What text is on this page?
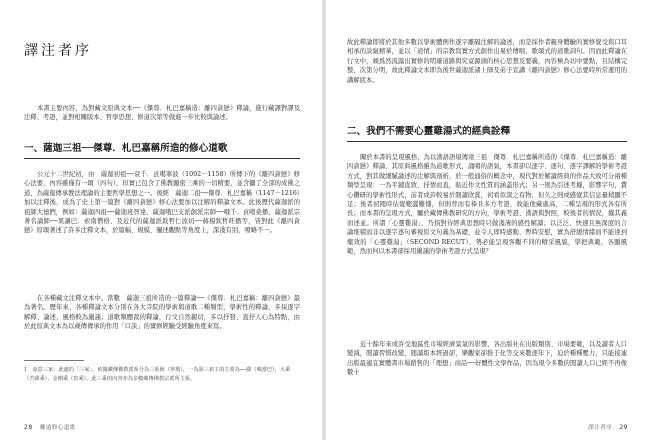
譯注者序

本書主要內容，為對藏文原典文本──《傑尊．札巴嘉稱造：離四貪戀》釋論，進行藏譯對譯及注釋、考證，並對相關版本、哲學思想、修道次第等做進一步比較與論述。

一、薩迦三祖──傑尊．札巴嘉稱所造的修心道歌

公元十二世紀初，由　薩迦初祖──袞千．貢噶寧波（1092－1158）所傳下的《離四貪戀》修心法要，內容雖僅有一頌（四句），但實已包含了佛教顯密三乘的一切精要，並含攝了全部的成佛之道，為薩迦傳承教法理論的主要哲學思想之一。後經　薩迦二祖──傑尊．札巴嘉稱（1147－1216）加以注釋後，成為了史上第一篇對《離四貪戀》修心法要加以注解的釋論文本。此後歷代薩迦派的祖師大德們，例如：薩迦四祖──薩迦班智達、薩迦哦巴支派創派宗師──哦千．貢噶桑播、薩迦派宗著名論師──果讓巴．索南僧格、及近代的薩迦派欽哲仁波切──蔣揚欽哲旺播等，皆對此《離四貪戀》原頌著述了許多注釋文本，於篇幅、規模、闡述觀點等角度上，深淺有別，嘹略不一。

在各種藏文注釋文本中，當數　薩迦三祖所造的一篇釋論──《傑尊．札巴嘉稱：離四貪戀》最為著名。歷年來，各種釋論文本分別在各大寺院的學術與道歌二種類型，學術性的釋論，多採逐字解釋、論述，風格較為嚴謹；道歌類體裁的釋論，行文自然親切，多以抒發、直抒人心為特點，由於此原典文本為以歲傳傳承的作用「口訣」的實修經驗受經驗角度來寫。

1　原意三家：此處的「三家」，依據藏傳佛教派系分為三系統（寧瑪），一為第三祖主的主要為──薩（噶當巴），大乘（苦薩乘），金剛乘（密乘），此三乘的內容亦為多數藏傳佛教宗派所主張。

28 離遠修心道歌

故此釋論即將於其他多數以學術體例作逐字離隔注解的論述，而是採作者親身體驗的實修覺受與口耳相承的訣竅精華，並以「道情」的宗教寫實方式創作出易於傳唱、歌頌式的道歌詞句。因而此釋論在行文中，頗爲然流露出實修的明確道路與究竟源頭的核心思想及要義，內容極為切中要點，且結構完整，次第分明，故此釋論文本即為後世薩迦派諸上師及弟子宣講《離四貪戀》修心法要時所常運用的講解底本。

二、我們不需要心靈雞湯式的經典詮釋

關於本書的呈現風格，為以漢語語境傳達三祖　傑尊．札巴嘉稱所造的《傑尊．札巴嘉稱造：離四貪戀》釋論，其原典風格雖為道歌形式，誦唱的語氣，本書卻以逐字、逐句、逐字譯解的學術考證方式，對其做細膩論述的注解與剖析，於一般通俗的概念中，現代對於解讀經典的作品大致可分兩種類型呈現：一為平鋪直敘、抒情而直，貼近作文性質的涵蓋形式；另一則為引述考據，影響字句，費心鑽研的學術性形式，前者或許較易於閱讀欣賞，初看似深之有物，但久之則或感覺其信息量稍顯不足；後者初閱時估覺艱澀難懂，但則背而有捧且多方考證，故能他藏處高，二種呈現的形式各有所長；而本書的呈現方式，屬於藏傳佛教研究的方向，學術考證、漢語與對照，較後者的情況，據其義而述並。所謂「心靈雞湯」，乃指對待經典思想時只做淺薄的感性解讀；以泛泛、快速且無深度的言論堆積而非以逐字逐句審視原文句義為基礎，並令人即時感動、暫時安慰，實為舒緩情緒而不能達到藥效的「心靈雞湯」（SECOND RECUT），勢必能呈現客觀不同的精采風貌，學把典範，各顯風範，然而何以本書卻採用嚴謹的學術考證方式呈現？

近十餘年來或許受地區性市場經濟景氣的影響，各出版社在出版類別、市場要範，以及讀者人口變減，閱讀習慣改變，閱讀版本經過卻，樂觀家卻推于化等交來數逐年下，迫於種種壓力，只能接連出版最適宜實體書市場銷售的「理想」商品──好體性文學作品，因為現今多數的閱讀人口已經不再像數十

譯注者序 29
